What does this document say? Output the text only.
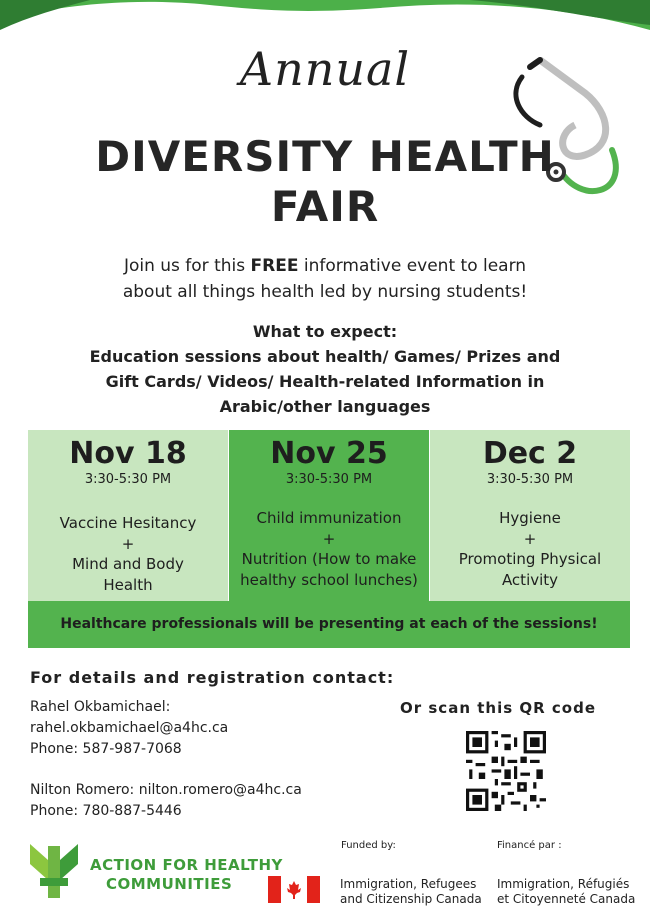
Annual
DIVERSITY HEALTH
FAIR
Join us for this FREE informative event to learn
about all things health led by nursing students!
What to expect:
Education sessions about health/ Games/ Prizes and
Gift Cards/ Videos/ Health-related Information in
Arabic/other languages
Nov 18
3:30-5:30 PM
Vaccine Hesitancy
+
Mind and Body
Health
Nov 25
3:30-5:30 PM
Child immunization
+
Nutrition (How to make
healthy school lunches)
Dec 2
3:30-5:30 PM
Hygiene
+
Promoting Physical
Activity
Healthcare professionals will be presenting at each of the sessions!
For details and registration contact:
Rahel Okbamichael:
rahel.okbamichael@a4hc.ca
Phone: 587-987-7068
Nilton Romero: nilton.romero@a4hc.ca
Phone: 780-887-5446
Or scan this QR code
ACTION FOR HEALTHY
COMMUNITIES
Funded by:	Financé par :
Immigration, Refugees
and Citizenship Canada
Immigration, Réfugiés
et Citoyenneté Canada
